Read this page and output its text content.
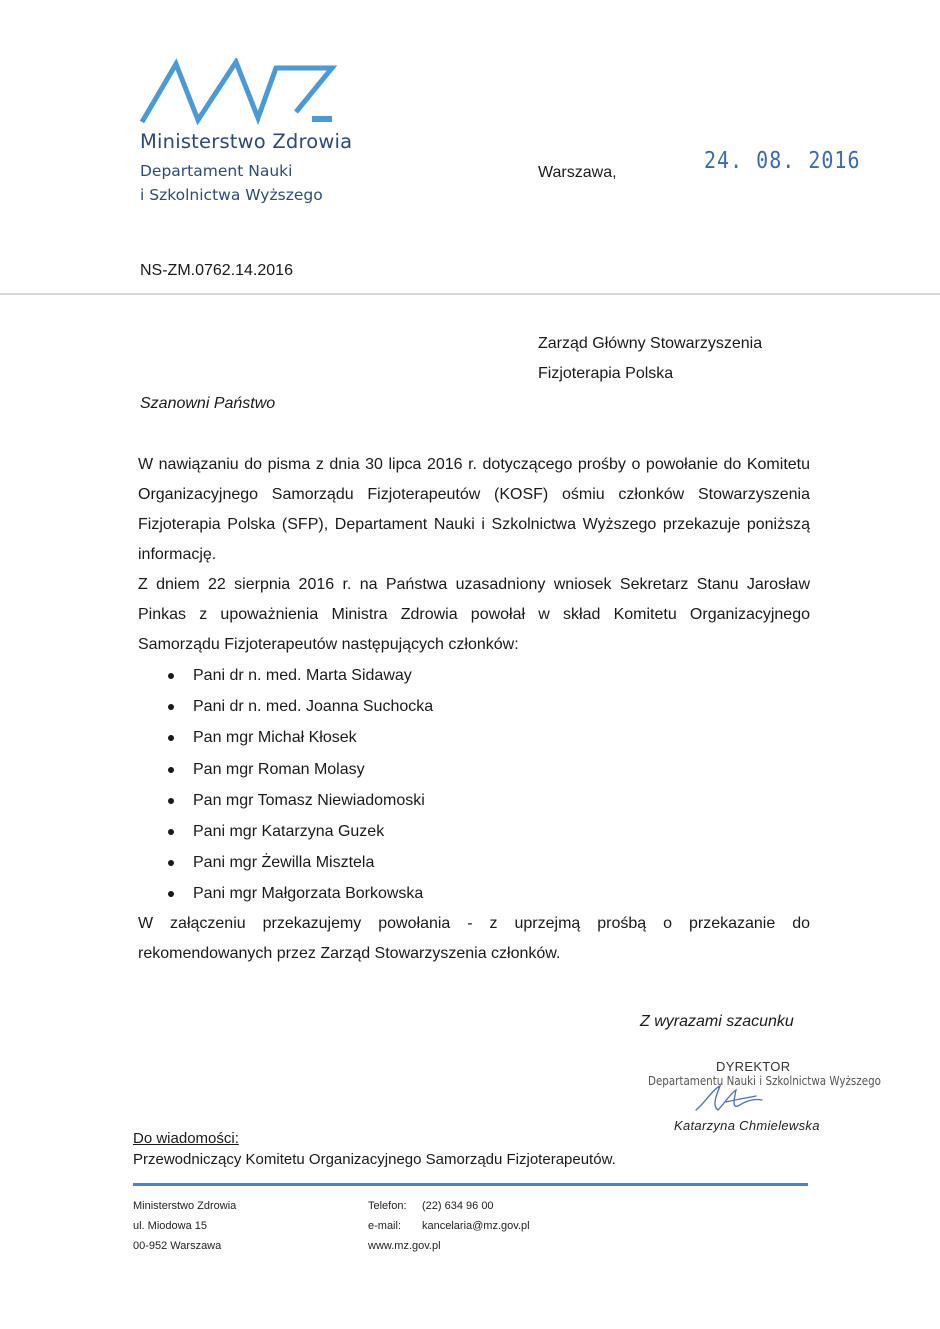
Ministerstwo Zdrowia
Departament Nauki
i Szkolnictwa Wyższego
Warszawa,	24. 08. 2016
NS-ZM.0762.14.2016
Zarząd Główny Stowarzyszenia
Fizjoterapia Polska
Szanowni Państwo
W nawiązaniu do pisma z dnia 30 lipca 2016 r. dotyczącego prośby o powołanie do Komitetu Organizacyjnego Samorządu Fizjoterapeutów (KOSF) ośmiu członków Stowarzyszenia Fizjoterapia Polska (SFP), Departament Nauki i Szkolnictwa Wyższego przekazuje poniższą informację.
Z dniem 22 sierpnia 2016 r. na Państwa uzasadniony wniosek Sekretarz Stanu Jarosław Pinkas z upoważnienia Ministra Zdrowia powołał w skład Komitetu Organizacyjnego Samorządu Fizjoterapeutów następujących członków:
Pani dr n. med. Marta Sidaway
Pani dr n. med. Joanna Suchocka
Pan mgr Michał Kłosek
Pan mgr Roman Molasy
Pan mgr Tomasz Niewiadomoski
Pani mgr Katarzyna Guzek
Pani mgr Żewilla Misztela
Pani mgr Małgorzata Borkowska
W załączeniu przekazujemy powołania - z uprzejmą prośbą o przekazanie do rekomendowanych przez Zarząd Stowarzyszenia członków.
Z wyrazami szacunku
DYREKTOR
Departamentu Nauki i Szkolnictwa Wyższego
Katarzyna Chmielewska
Do wiadomości:
Przewodniczący Komitetu Organizacyjnego Samorządu Fizjoterapeutów.
Ministerstwo Zdrowia
ul. Miodowa 15
00-952 Warszawa
Telefon: (22) 634 96 00
e-mail: kancelaria@mz.gov.pl
www.mz.gov.pl
